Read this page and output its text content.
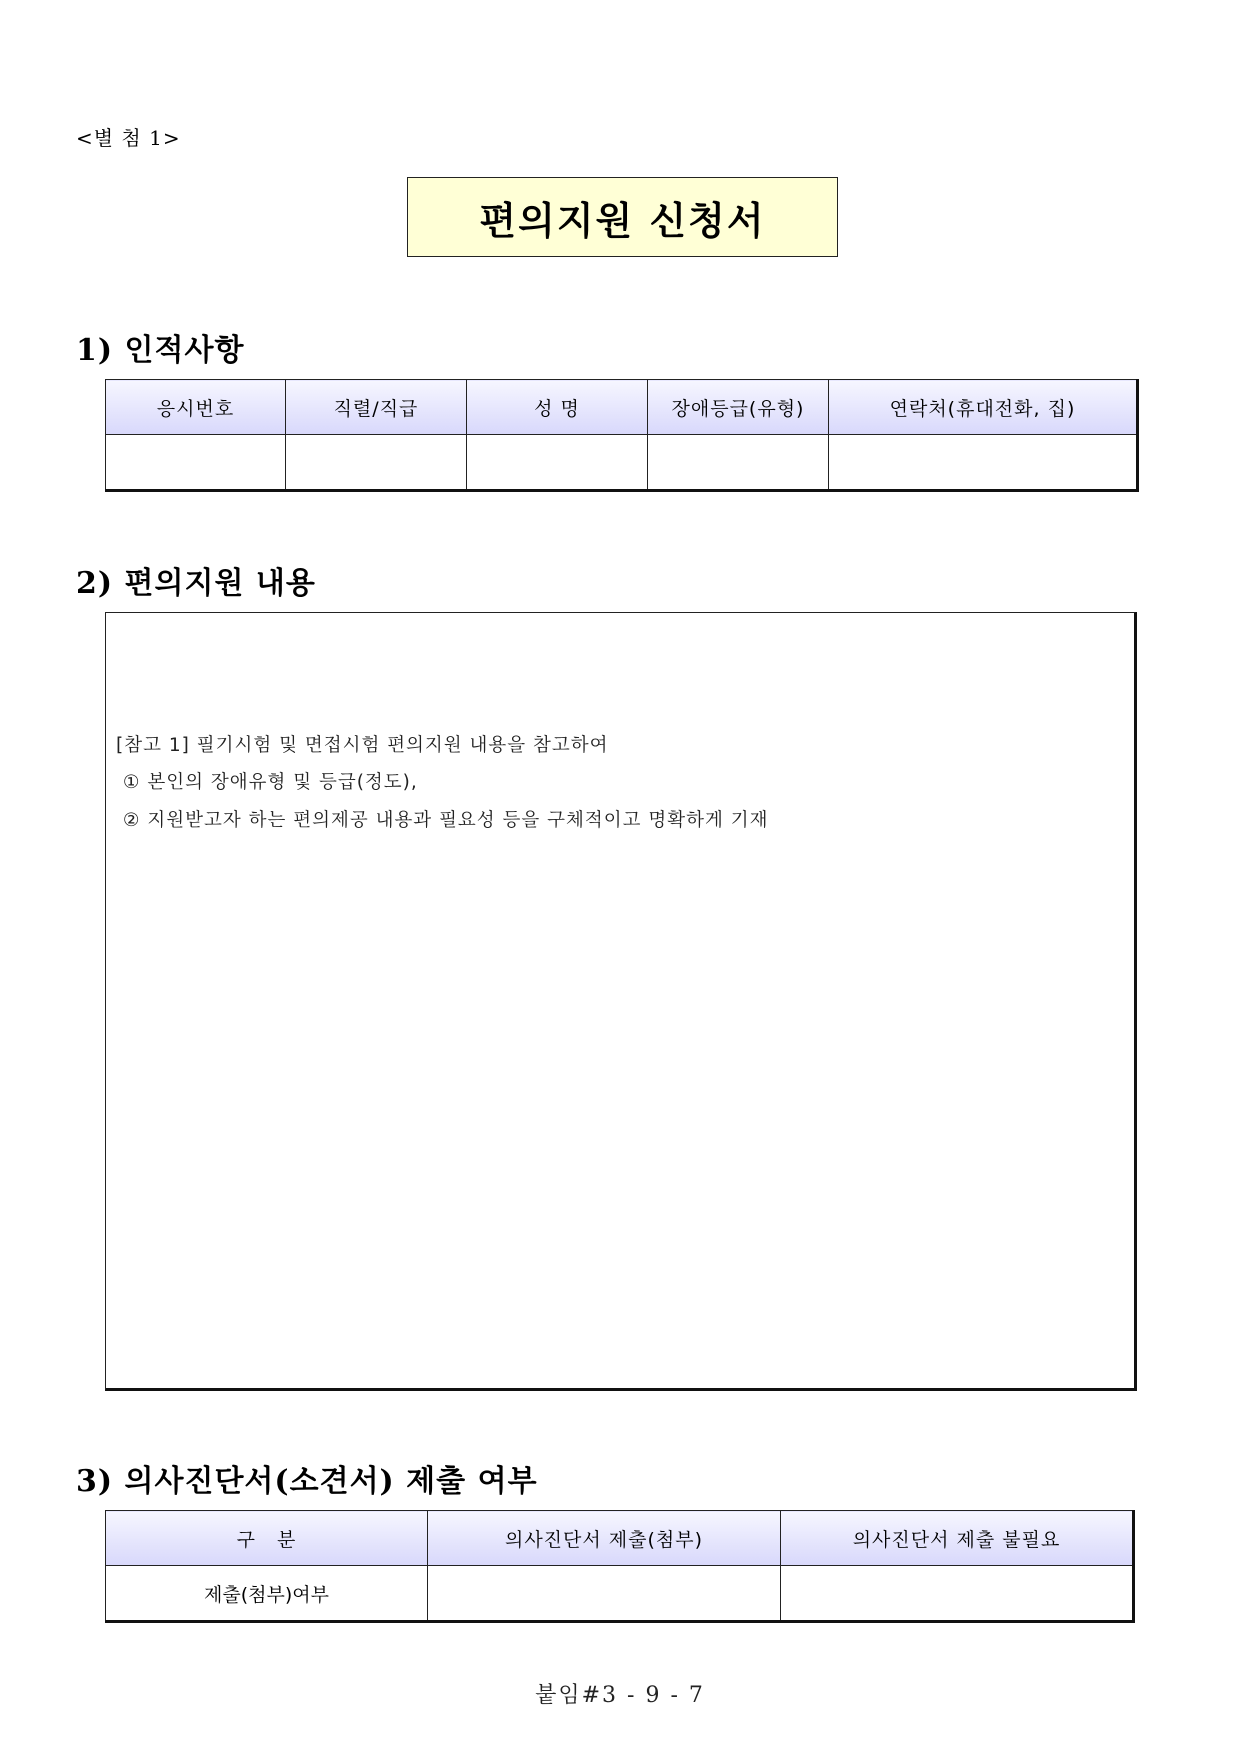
<별 첨 1>
편의지원 신청서
1) 인적사항
응시번호	직렬/직급	성 명	장애등급(유형)	연락처(휴대전화, 집)

2) 편의지원 내용
[참고 1] 필기시험 및 면접시험 편의지원 내용을 참고하여
① 본인의 장애유형 및 등급(정도),
② 지원받고자 하는 편의제공 내용과 필요성 등을 구체적이고 명확하게 기재
3) 의사진단서(소견서) 제출 여부
구   분	의사진단서 제출(첨부)	의사진단서 제출 불필요
제출(첨부)여부		
붙임#3 - 9 - 7
